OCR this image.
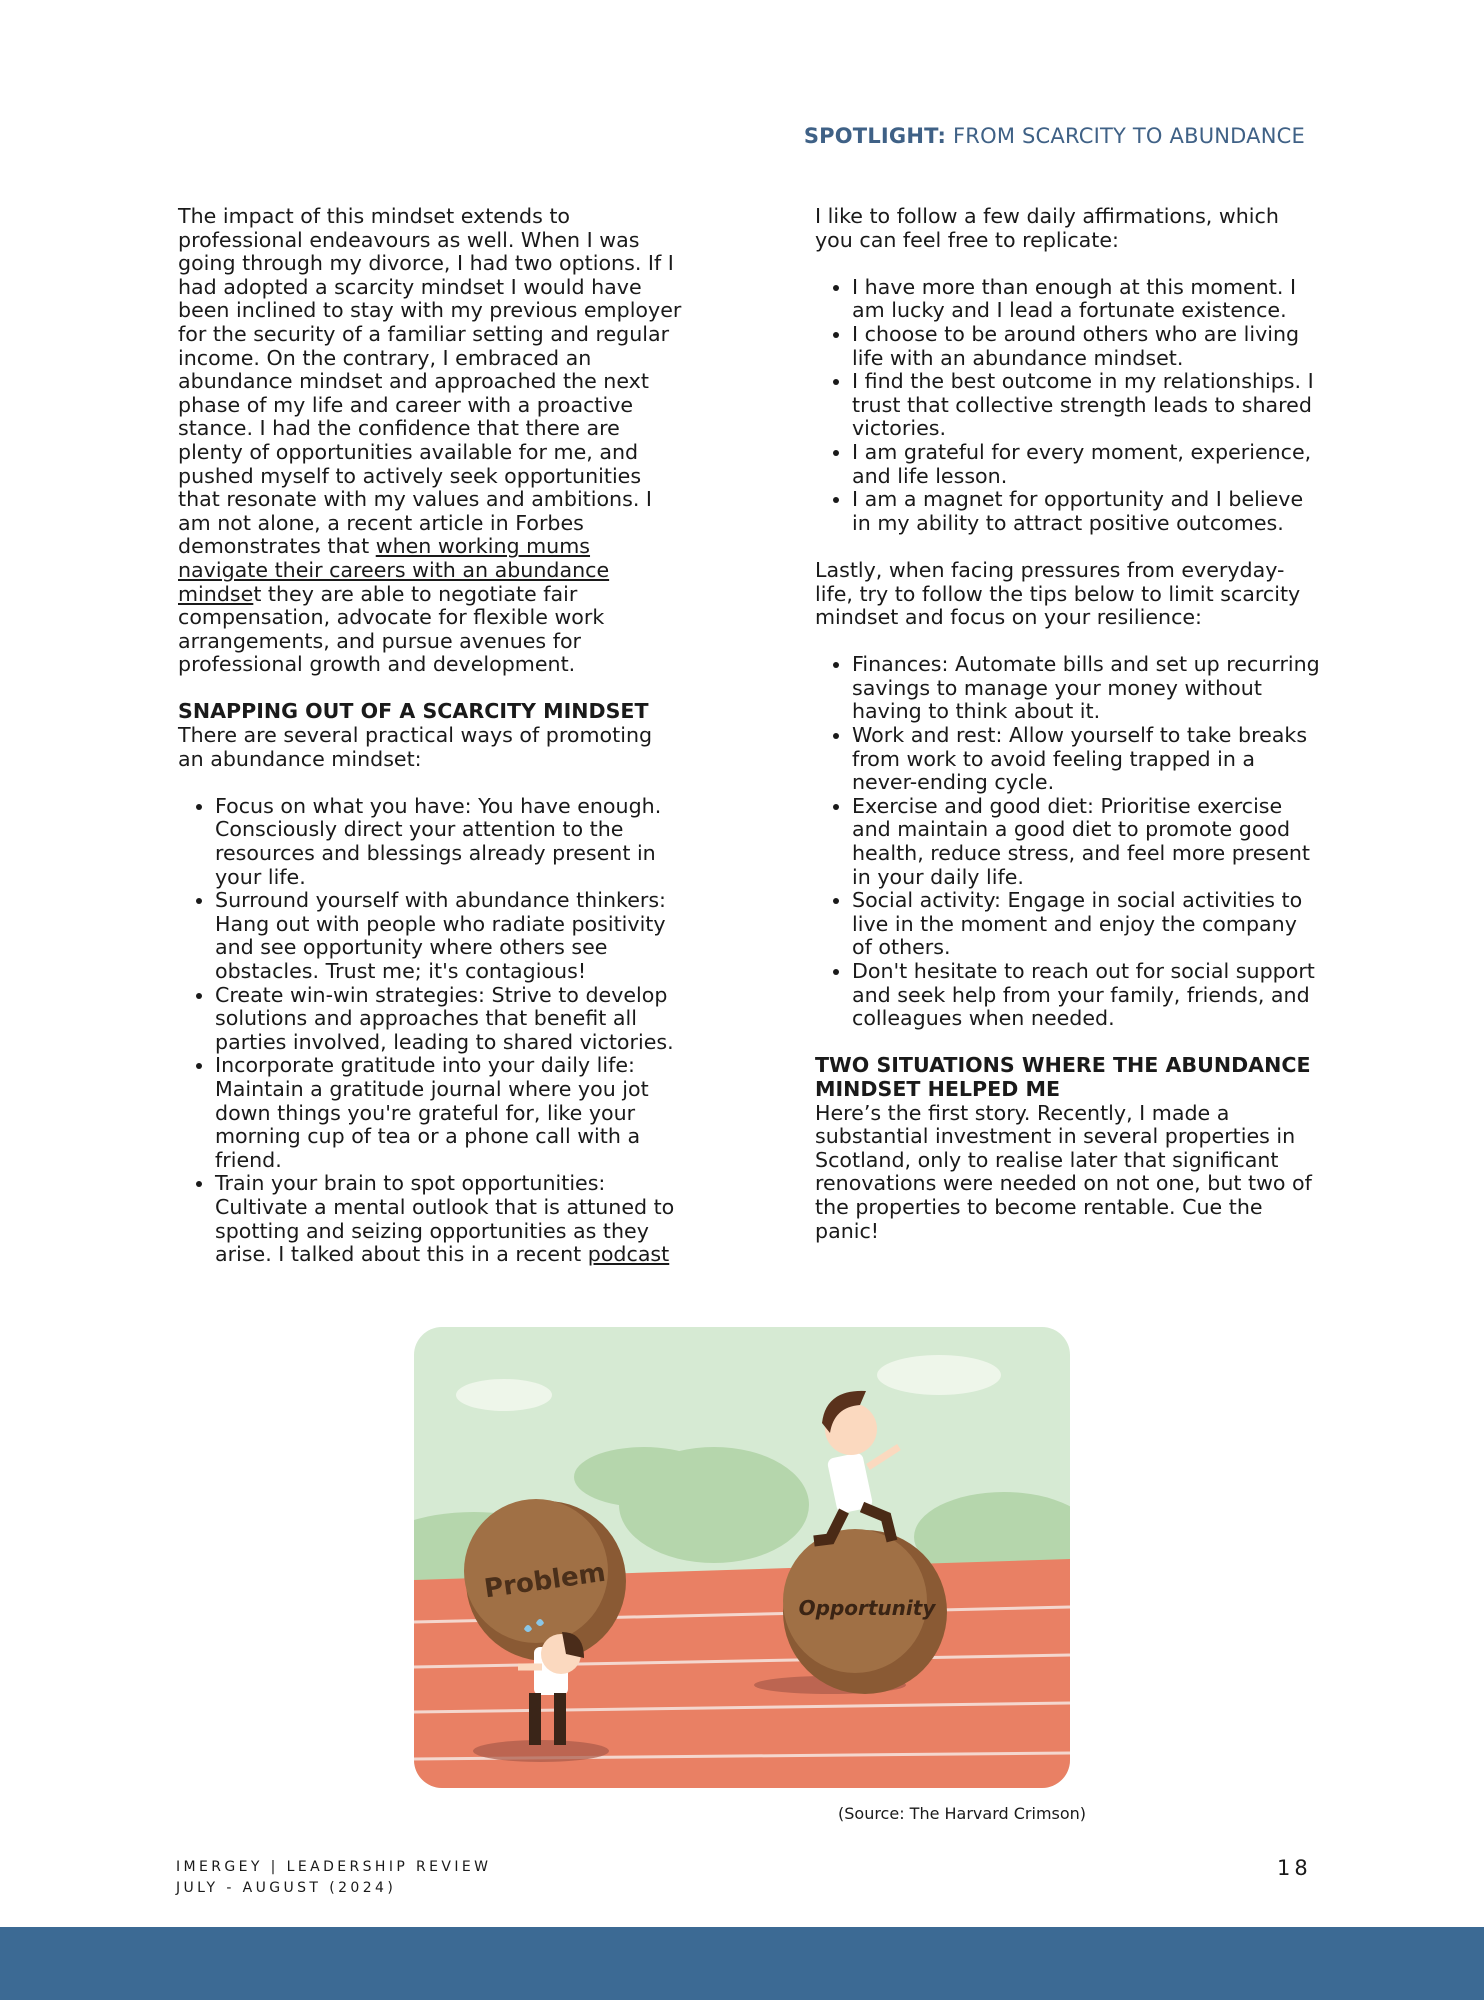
SPOTLIGHT: FROM SCARCITY TO ABUNDANCE

The impact of this mindset extends to professional endeavours as well. When I was going through my divorce, I had two options. If I had adopted a scarcity mindset I would have been inclined to stay with my previous employer for the security of a familiar setting and regular income. On the contrary, I embraced an abundance mindset and approached the next phase of my life and career with a proactive stance. I had the confidence that there are plenty of opportunities available for me, and pushed myself to actively seek opportunities that resonate with my values and ambitions. I am not alone, a recent article in Forbes demonstrates that when working mums navigate their careers with an abundance mindset they are able to negotiate fair compensation, advocate for flexible work arrangements, and pursue avenues for professional growth and development.

SNAPPING OUT OF A SCARCITY MINDSET

There are several practical ways of promoting an abundance mindset:

• Focus on what you have: You have enough. Consciously direct your attention to the resources and blessings already present in your life.
• Surround yourself with abundance thinkers: Hang out with people who radiate positivity and see opportunity where others see obstacles. Trust me; it's contagious!
• Create win-win strategies: Strive to develop solutions and approaches that benefit all parties involved, leading to shared victories.
• Incorporate gratitude into your daily life: Maintain a gratitude journal where you jot down things you're grateful for, like your morning cup of tea or a phone call with a friend.
• Train your brain to spot opportunities: Cultivate a mental outlook that is attuned to spotting and seizing opportunities as they arise. I talked about this in a recent podcast

I like to follow a few daily affirmations, which you can feel free to replicate:

• I have more than enough at this moment. I am lucky and I lead a fortunate existence.
• I choose to be around others who are living life with an abundance mindset.
• I find the best outcome in my relationships. I trust that collective strength leads to shared victories.
• I am grateful for every moment, experience, and life lesson.
• I am a magnet for opportunity and I believe in my ability to attract positive outcomes.

Lastly, when facing pressures from everyday-life, try to follow the tips below to limit scarcity mindset and focus on your resilience:

• Finances: Automate bills and set up recurring savings to manage your money without having to think about it.
• Work and rest: Allow yourself to take breaks from work to avoid feeling trapped in a never-ending cycle.
• Exercise and good diet: Prioritise exercise and maintain a good diet to promote good health, reduce stress, and feel more present in your daily life.
• Social activity: Engage in social activities to live in the moment and enjoy the company of others.
• Don't hesitate to reach out for social support and seek help from your family, friends, and colleagues when needed.
TWO SITUATIONS WHERE THE ABUNDANCE MINDSET HELPED ME

Here’s the first story. Recently, I made a substantial investment in several properties in Scotland, only to realise later that significant renovations were needed on not one, but two of the properties to become rentable. Cue the panic!

Problem
Opportunity
(Source: The Harvard Crimson)
IMERGEY | LEADERSHIP REVIEW
JULY - AUGUST (2024)
18
